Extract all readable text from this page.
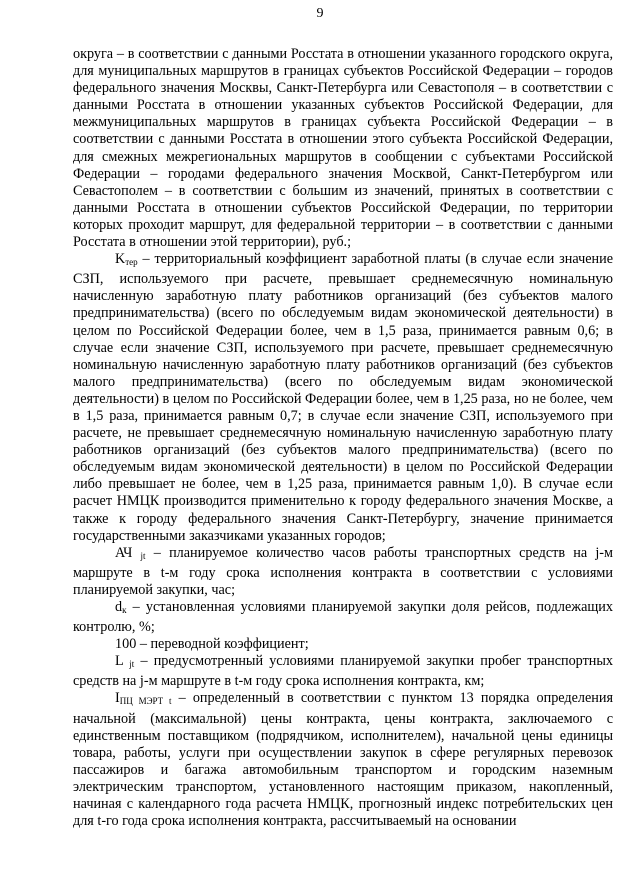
9

округа – в соответствии с данными Росстата в отношении указанного городского округа, для муниципальных маршрутов в границах субъектов Российской Федерации – городов федерального значения Москвы, Санкт-Петербурга или Севастополя – в соответствии с данными Росстата в отношении указанных субъектов Российской Федерации, для межмуниципальных маршрутов в границах субъекта Российской Федерации – в соответствии с данными Росстата в отношении этого субъекта Российской Федерации, для смежных межрегиональных маршрутов в сообщении с субъектами Российской Федерации – городами федерального значения Москвой, Санкт-Петербургом или Севастополем – в соответствии с большим из значений, принятых в соответствии с данными Росстата в отношении субъектов Российской Федерации, по территории которых проходит маршрут, для федеральной территории – в соответствии с данными Росстата в отношении этой территории), руб.;

$K_{тер}$ – территориальный коэффициент заработной платы (в случае если значение СЗП, используемого при расчете, превышает среднемесячную номинальную начисленную заработную плату работников организаций (без субъектов малого предпринимательства) (всего по обследуемым видам экономической деятельности) в целом по Российской Федерации более, чем в 1,5 раза, принимается равным 0,6; в случае если значение СЗП, используемого при расчете, превышает среднемесячную номинальную начисленную заработную плату работников организаций (без субъектов малого предпринимательства) (всего по обследуемым видам экономической деятельности) в целом по Российской Федерации более, чем в 1,25 раза, но не более, чем в 1,5 раза, принимается равным 0,7; в случае если значение СЗП, используемого при расчете, не превышает среднемесячную номинальную начисленную заработную плату работников организаций (без субъектов малого предпринимательства) (всего по обследуемым видам экономической деятельности) в целом по Российской Федерации либо превышает не более, чем в 1,25 раза, принимается равным 1,0). В случае если расчет НМЦК производится применительно к городу федерального значения Москве, а также к городу федерального значения Санкт-Петербургу, значение принимается государственными заказчиками указанных городов;

АЧ $_{jt}$ – планируемое количество часов работы транспортных средств на j-м маршруте в t-м году срока исполнения контракта в соответствии с условиями планируемой закупки, час;

$d_к$ – установленная условиями планируемой закупки доля рейсов, подлежащих контролю, %;

100 – переводной коэффициент;

L $_{jt}$ – предусмотренный условиями планируемой закупки пробег транспортных средств на j-м маршруте в t-м году срока исполнения контракта, км;

$I_{ПЦ МЭРТ t}$ – определенный в соответствии с пунктом 13 порядка определения начальной (максимальной) цены контракта, цены контракта, заключаемого с единственным поставщиком (подрядчиком, исполнителем), начальной цены единицы товара, работы, услуги при осуществлении закупок в сфере регулярных перевозок пассажиров и багажа автомобильным транспортом и городским наземным электрическим транспортом, установленного настоящим приказом, накопленный, начиная с календарного года расчета НМЦК, прогнозный индекс потребительских цен для t-го года срока исполнения контракта, рассчитываемый на основании
